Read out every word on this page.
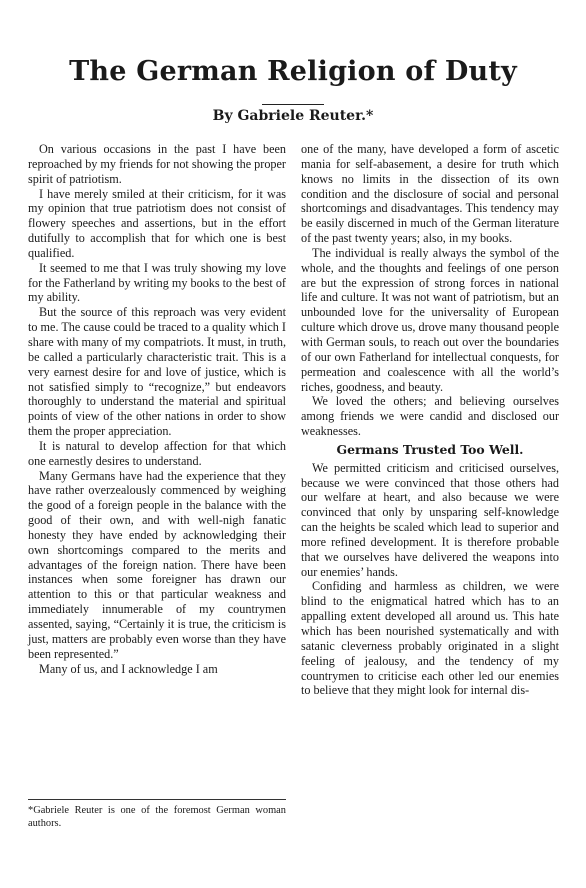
The German Religion of Duty
By Gabriele Reuter.*

On various occasions in the past I have been reproached by my friends for not showing the proper spirit of patriotism.

I have merely smiled at their criticism, for it was my opinion that true patriotism does not consist of flowery speeches and assertions, but in the effort dutifully to accomplish that for which one is best qualified.

It seemed to me that I was truly showing my love for the Fatherland by writing my books to the best of my ability.

But the source of this reproach was very evident to me. The cause could be traced to a quality which I share with many of my compatriots. It must, in truth, be called a particularly characteristic trait. This is a very earnest desire for and love of justice, which is not satisfied simply to “recognize,” but endeavors thoroughly to understand the material and spiritual points of view of the other nations in order to show them the proper appreciation.

It is natural to develop affection for that which one earnestly desires to understand.

Many Germans have had the experience that they have rather overzealously commenced by weighing the good of a foreign people in the balance with the good of their own, and with well-nigh fanatic honesty they have ended by acknowledging their own shortcomings compared to the merits and advantages of the foreign nation. There have been instances when some foreigner has drawn our attention to this or that particular weakness and immediately innumerable of my countrymen assented, saying, “Certainly it is true, the criticism is just, matters are probably even worse than they have been represented.”

Many of us, and I acknowledge I am

*Gabriele Reuter is one of the foremost German woman authors.

one of the many, have developed a form of ascetic mania for self-abasement, a desire for truth which knows no limits in the dissection of its own condition and the disclosure of social and personal shortcomings and disadvantages. This tendency may be easily discerned in much of the German literature of the past twenty years; also, in my books.

The individual is really always the symbol of the whole, and the thoughts and feelings of one person are but the expression of strong forces in national life and culture. It was not want of patriotism, but an unbounded love for the universality of European culture which drove us, drove many thousand people with German souls, to reach out over the boundaries of our own Fatherland for intellectual conquests, for permeation and coalescence with all the world’s riches, goodness, and beauty.

We loved the others; and believing ourselves among friends we were candid and disclosed our weaknesses.

Germans Trusted Too Well.

We permitted criticism and criticised ourselves, because we were convinced that those others had our welfare at heart, and also because we were convinced that only by unsparing self-knowledge can the heights be scaled which lead to superior and more refined development. It is therefore probable that we ourselves have delivered the weapons into our enemies’ hands.

Confiding and harmless as children, we were blind to the enigmatical hatred which has to an appalling extent developed all around us. This hate which has been nourished systematically and with satanic cleverness probably originated in a slight feeling of jealousy, and the tendency of my countrymen to criticise each other led our enemies to believe that they might look for internal dis-
